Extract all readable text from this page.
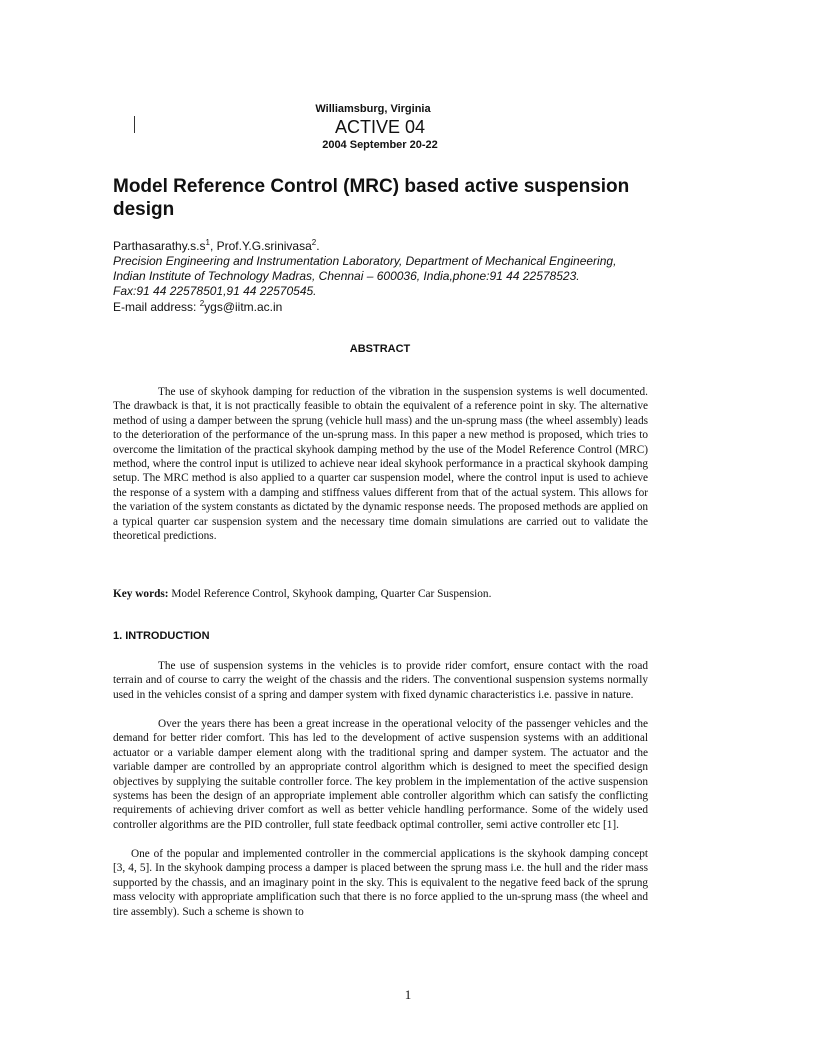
Williamsburg, Virginia
ACTIVE 04
2004 September 20-22
Model Reference Control (MRC) based active suspension design
$Parthasarathy.s.s^1$, Prof.Y.G.srinivasa$^2$.
Precision Engineering and Instrumentation Laboratory, Department of Mechanical Engineering,
Indian Institute of Technology Madras, Chennai – 600036, India,phone:91 44 22578523.
Fax:91 44 22578501,91 44 22570545.
E-mail address: $^2$ygs@iitm.ac.in
ABSTRACT
The use of skyhook damping for reduction of the vibration in the suspension systems is well documented. The drawback is that, it is not practically feasible to obtain the equivalent of a reference point in sky. The alternative method of using a damper between the sprung (vehicle hull mass) and the un-sprung mass (the wheel assembly) leads to the deterioration of the performance of the un-sprung mass. In this paper a new method is proposed, which tries to overcome the limitation of the practical skyhook damping method by the use of the Model Reference Control (MRC) method, where the control input is utilized to achieve near ideal skyhook performance in a practical skyhook damping setup. The MRC method is also applied to a quarter car suspension model, where the control input is used to achieve the response of a system with a damping and stiffness values different from that of the actual system. This allows for the variation of the system constants as dictated by the dynamic response needs. The proposed methods are applied on a typical quarter car suspension system and the necessary time domain simulations are carried out to validate the theoretical predictions.
Key words: Model Reference Control, Skyhook damping, Quarter Car Suspension.
1. INTRODUCTION
The use of suspension systems in the vehicles is to provide rider comfort, ensure contact with the road terrain and of course to carry the weight of the chassis and the riders. The conventional suspension systems normally used in the vehicles consist of a spring and damper system with fixed dynamic characteristics i.e. passive in nature.
Over the years there has been a great increase in the operational velocity of the passenger vehicles and the demand for better rider comfort. This has led to the development of active suspension systems with an additional actuator or a variable damper element along with the traditional spring and damper system. The actuator and the variable damper are controlled by an appropriate control algorithm which is designed to meet the specified design objectives by supplying the suitable controller force. The key problem in the implementation of the active suspension systems has been the design of an appropriate implement able controller algorithm which can satisfy the conflicting requirements of achieving driver comfort as well as better vehicle handling performance. Some of the widely used controller algorithms are the PID controller, full state feedback optimal controller, semi active controller etc [1].
One of the popular and implemented controller in the commercial applications is the skyhook damping concept [3, 4, 5]. In the skyhook damping process a damper is placed between the sprung mass i.e. the hull and the rider mass supported by the chassis, and an imaginary point in the sky. This is equivalent to the negative feed back of the sprung mass velocity with appropriate amplification such that there is no force applied to the un-sprung mass (the wheel and tire assembly). Such a scheme is shown to
1
